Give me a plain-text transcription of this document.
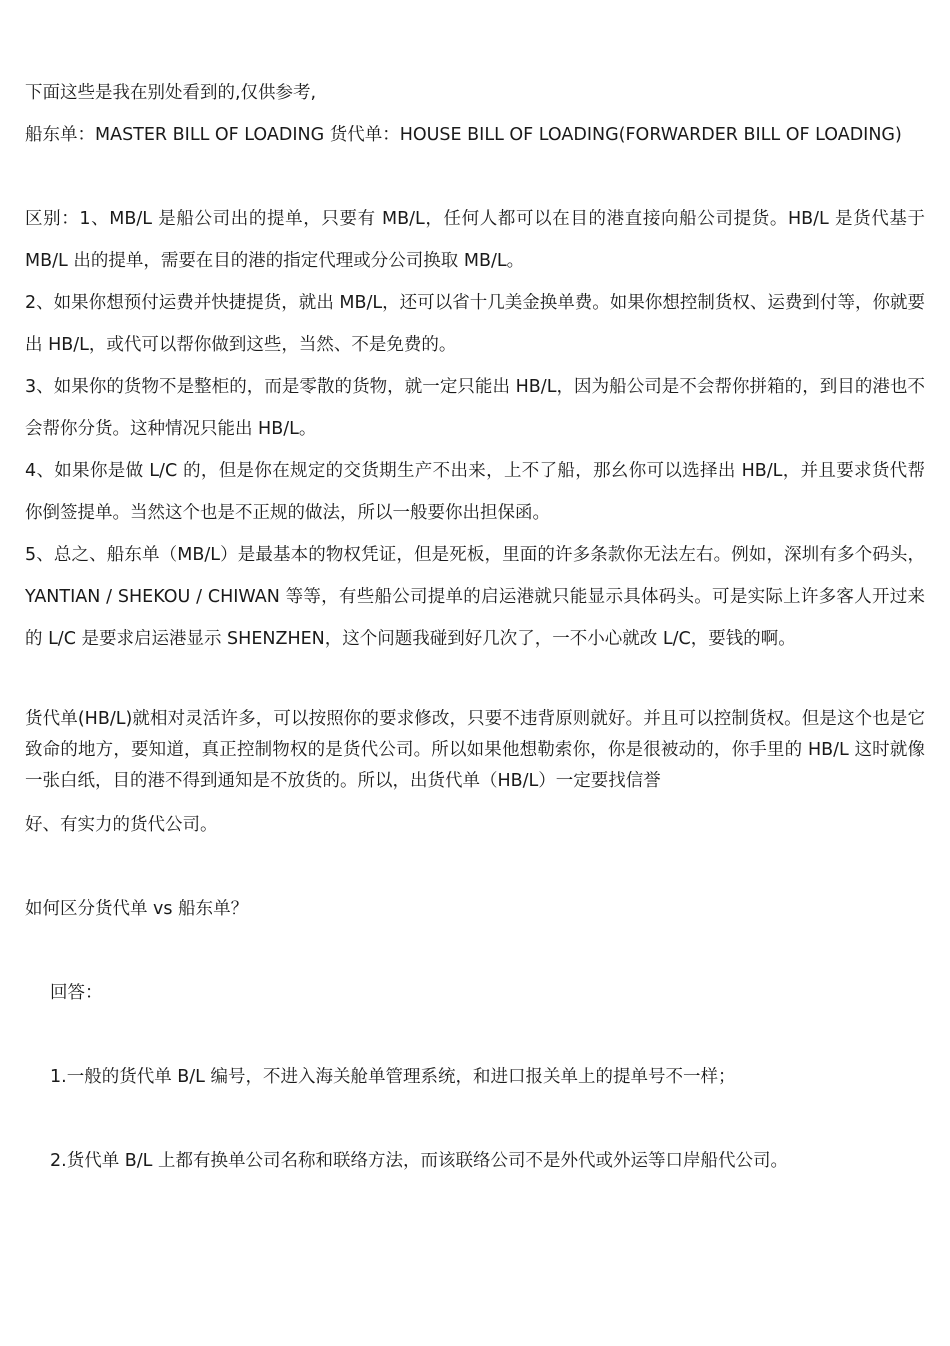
下面这些是我在别处看到的,仅供参考,

船东单：MASTER BILL OF LOADING 货代单：HOUSE BILL OF LOADING(FORWARDER BILL OF LOADING)

区别：1、MB/L 是船公司出的提单，只要有 MB/L，任何人都可以在目的港直接向船公司提货。HB/L 是货代基于 MB/L 出的提单，需要在目的港的指定代理或分公司换取 MB/L。

2、如果你想预付运费并快捷提货，就出 MB/L，还可以省十几美金换单费。如果你想控制货权、运费到付等，你就要出 HB/L，或代可以帮你做到这些，当然、不是免费的。

3、如果你的货物不是整柜的，而是零散的货物，就一定只能出 HB/L，因为船公司是不会帮你拼箱的，到目的港也不会帮你分货。这种情况只能出 HB/L。

4、如果你是做 L/C 的，但是你在规定的交货期生产不出来，上不了船，那幺你可以选择出 HB/L，并且要求货代帮你倒签提单。当然这个也是不正规的做法，所以一般要你出担保函。

5、总之、船东单（MB/L）是最基本的物权凭证，但是死板，里面的许多条款你无法左右。例如，深圳有多个码头，YANTIAN / SHEKOU / CHIWAN 等等，有些船公司提单的启运港就只能显示具体码头。可是实际上许多客人开过来的 L/C 是要求启运港显示 SHENZHEN，这个问题我碰到好几次了，一不小心就改 L/C，要钱的啊。

货代单(HB/L)就相对灵活许多，可以按照你的要求修改，只要不违背原则就好。并且可以控制货权。但是这个也是它致命的地方，要知道，真正控制物权的是货代公司。所以如果他想勒索你，你是很被动的，你手里的 HB/L 这时就像一张白纸，目的港不得到通知是不放货的。所以，出货代单（HB/L）一定要找信誉

好、有实力的货代公司。

如何区分货代单 vs 船东单？

回答：

1.一般的货代单 B/L 编号，不进入海关舱单管理系统，和进口报关单上的提单号不一样；

2.货代单 B/L 上都有换单公司名称和联络方法，而该联络公司不是外代或外运等口岸船代公司。
